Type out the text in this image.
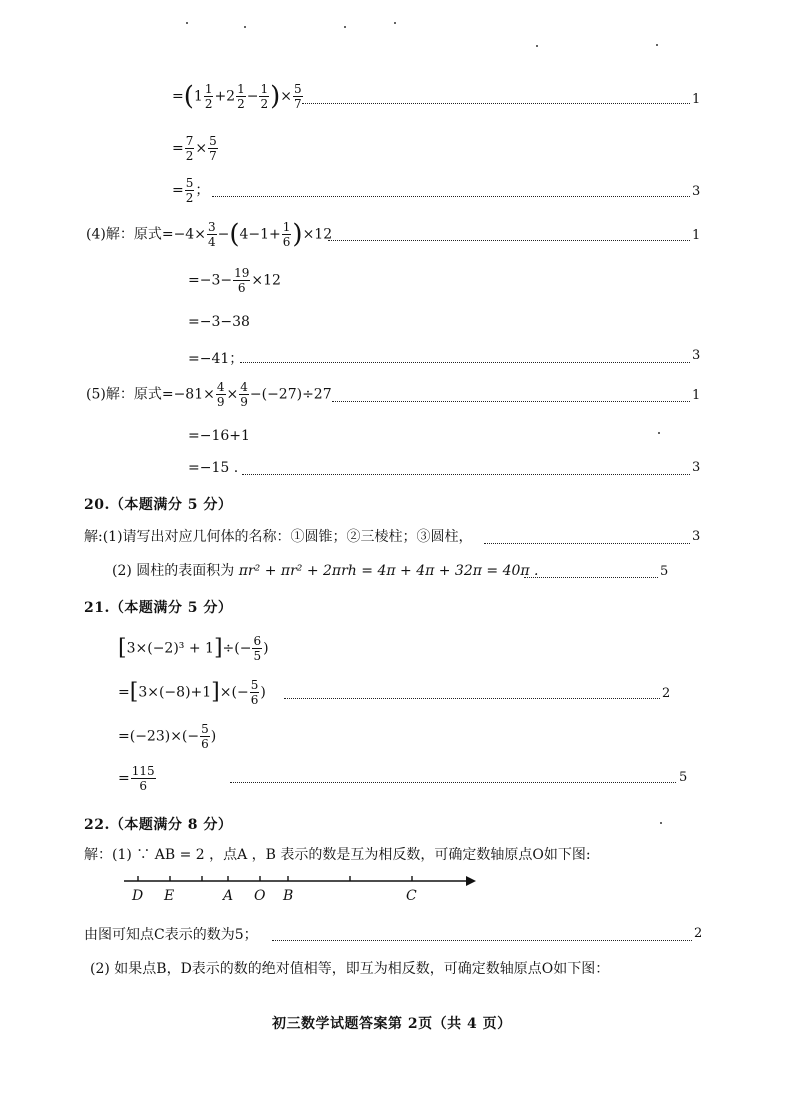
$=(1 \frac{1}{2} +2 \frac{1}{2} - \frac{1}{2}$ )× $\frac{5}{7}$	1
= $\frac{7}{2} \times \frac{5}{7}$
= $\frac{5}{2}$ ；	3
(4)解：原式$=-4\times \frac{3}{4} -(4-1+ \frac{1}{6} )\times 12$	1
$=-3- \frac{19}{6} \times 12$
=−3−38
=−41；	3
(5)解：原式$=-81\times \frac{4}{9} \times \frac{4}{9} -(-27)\div 27$	1
=−16+1
=−15 .	3
20.（本题满分 5 分）
解:(1)请写出对应几何体的名称：①圆锥；②三棱柱；③圆柱，	3
(2) 圆柱的表面积为 πr² + πr² + 2πrh = 4π + 4π + 32π = 40π .	5
21.（本题满分 5 分）
$[3\times(-2)^3 + 1]\div(- \frac{6}{5}$ )
$=[3\times(-8)+1]\times(- \frac{5}{6}$ )	2
$=(-23)\times(- \frac{5}{6}$ )
= $\frac{115}{6}$	5
22.（本题满分 8 分）
解：(1) ∵ AB = 2 ，点A ，B 表示的数是互为相反数，可确定数轴原点O如下图:
D E	A O B	C
由图可知点C表示的数为5；	2
(2) 如果点B，D表示的数的绝对值相等，即互为相反数，可确定数轴原点O如下图：
初三数学试题答案第 2页（共 4 页）
